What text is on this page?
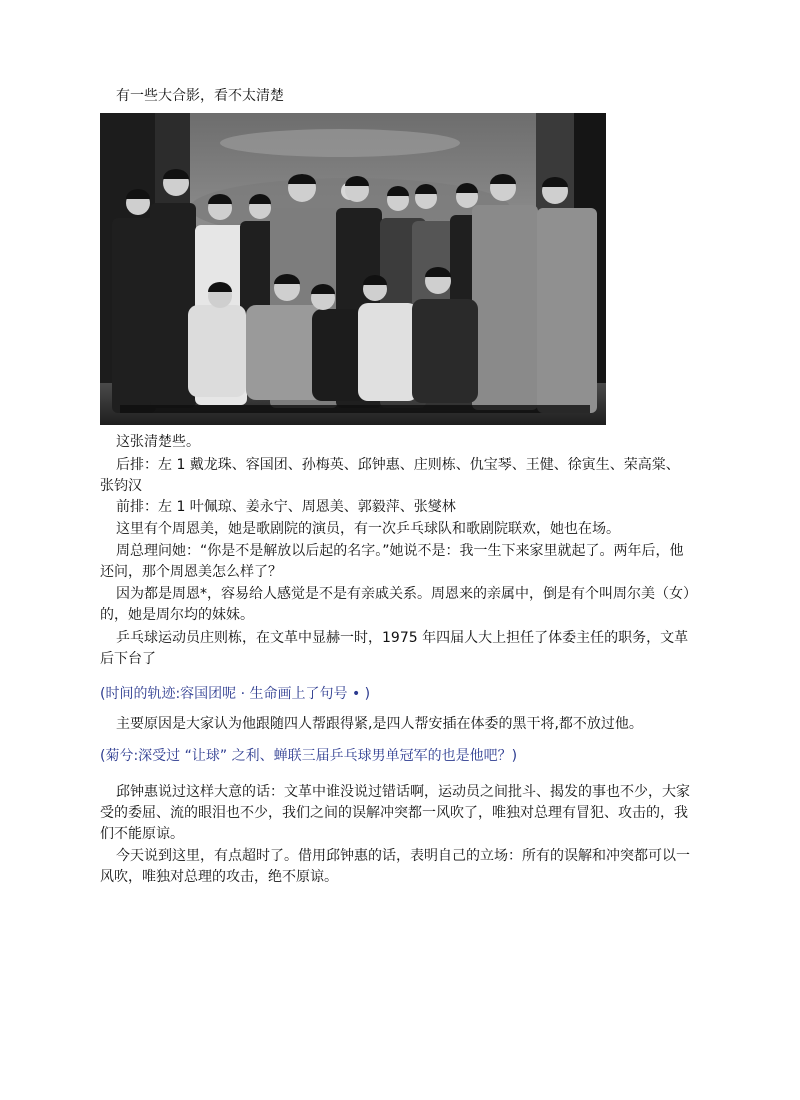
有一些大合影，看不太清楚
这张清楚些。
后排：左 1 戴龙珠、容国团、孙梅英、邱钟惠、庄则栋、仇宝琴、王健、徐寅生、荣高棠、张钧汉
前排：左 1 叶佩琼、姜永宁、周恩美、郭毅萍、张燮林
这里有个周恩美，她是歌剧院的演员，有一次乒乓球队和歌剧院联欢，她也在场。
周总理问她：“你是不是解放以后起的名字。”她说不是：我一生下来家里就起了。两年后，他还问，那个周恩美怎么样了？
因为都是周恩*，容易给人感觉是不是有亲戚关系。周恩来的亲属中，倒是有个叫周尔美（女）的，她是周尔均的妹妹。
乒乓球运动员庄则栋，在文革中显赫一时，1975 年四届人大上担任了体委主任的职务，文革后下台了
(时间的轨迹:容国团呢 · 生命画上了句号 • )
主要原因是大家认为他跟随四人帮跟得紧,是四人帮安插在体委的黑干将,都不放过他。
(菊兮:深受过 “让球” 之利、蝉联三届乒乓球男单冠军的也是他吧？)
邱钟惠说过这样大意的话：文革中谁没说过错话啊，运动员之间批斗、揭发的事也不少，大家受的委屈、流的眼泪也不少，我们之间的误解冲突都一风吹了，唯独对总理有冒犯、攻击的，我们不能原谅。
今天说到这里，有点超时了。借用邱钟惠的话，表明自己的立场：所有的误解和冲突都可以一风吹，唯独对总理的攻击，绝不原谅。
